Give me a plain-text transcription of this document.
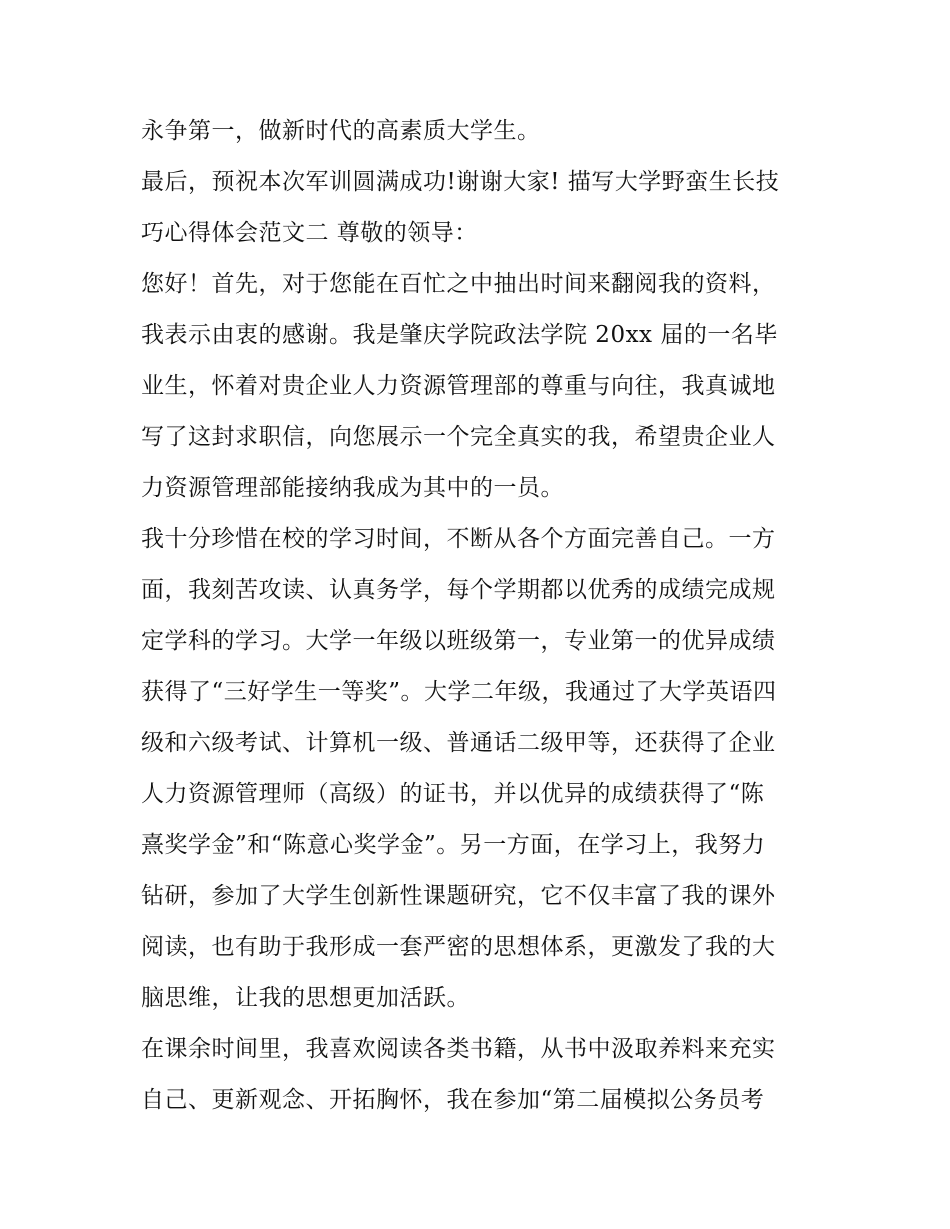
永争第一，做新时代的高素质大学生。
最后，预祝本次军训圆满成功!谢谢大家! 描写大学野蛮生长技
巧心得体会范文二 尊敬的领导：
您好！首先，对于您能在百忙之中抽出时间来翻阅我的资料，
我表示由衷的感谢。我是肇庆学院政法学院 20xx 届的一名毕
业生，怀着对贵企业人力资源管理部的尊重与向往，我真诚地
写了这封求职信，向您展示一个完全真实的我，希望贵企业人
力资源管理部能接纳我成为其中的一员。
我十分珍惜在校的学习时间，不断从各个方面完善自己。一方
面，我刻苦攻读、认真务学，每个学期都以优秀的成绩完成规
定学科的学习。大学一年级以班级第一，专业第一的优异成绩
获得了“三好学生一等奖”。大学二年级，我通过了大学英语四
级和六级考试、计算机一级、普通话二级甲等，还获得了企业
人力资源管理师（高级）的证书，并以优异的成绩获得了“陈
熹奖学金”和“陈意心奖学金”。另一方面，在学习上，我努力
钻研，参加了大学生创新性课题研究，它不仅丰富了我的课外
阅读，也有助于我形成一套严密的思想体系，更激发了我的大
脑思维，让我的思想更加活跃。
在课余时间里，我喜欢阅读各类书籍，从书中汲取养料来充实
自己、更新观念、开拓胸怀，我在参加“第二届模拟公务员考
